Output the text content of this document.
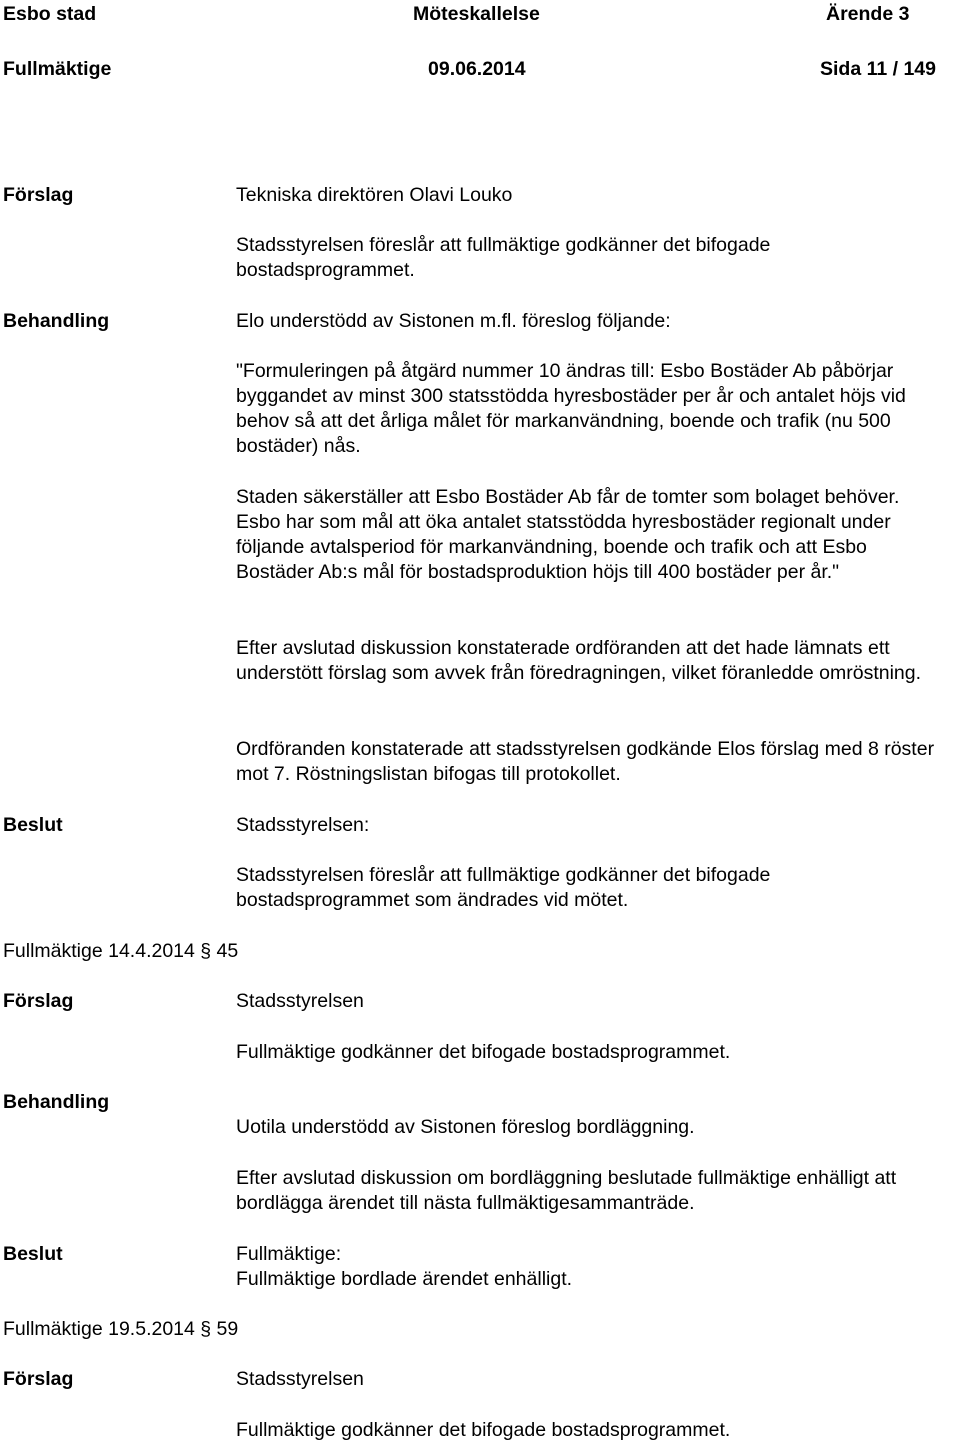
Esbo stad	Möteskallelse	Ärende 3
Fullmäktige	09.06.2014	Sida 11 / 149
Förslag	Tekniska direktören Olavi Louko
Stadsstyrelsen föreslår att fullmäktige godkänner det bifogade bostadsprogrammet.
Behandling	Elo understödd av Sistonen m.fl. föreslog följande:
"Formuleringen på åtgärd nummer 10 ändras till: Esbo Bostäder Ab påbörjar byggandet av minst 300 statsstödda hyresbostäder per år och antalet höjs vid behov så att det årliga målet för markanvändning, boende och trafik (nu 500 bostäder) nås.
Staden säkerställer att Esbo Bostäder Ab får de tomter som bolaget behöver. Esbo har som mål att öka antalet statsstödda hyresbostäder regionalt under följande avtalsperiod för markanvändning, boende och trafik och att Esbo Bostäder Ab:s mål för bostadsproduktion höjs till 400 bostäder per år."
Efter avslutad diskussion konstaterade ordföranden att det hade lämnats ett understött förslag som avvek från föredragningen, vilket föranledde omröstning.
Ordföranden konstaterade att stadsstyrelsen godkände Elos förslag med 8 röster mot 7. Röstningslistan bifogas till protokollet.
Beslut	Stadsstyrelsen:
Stadsstyrelsen föreslår att fullmäktige godkänner det bifogade bostadsprogrammet som ändrades vid mötet.
Fullmäktige 14.4.2014 § 45
Förslag	Stadsstyrelsen
Fullmäktige godkänner det bifogade bostadsprogrammet.
Behandling
Uotila understödd av Sistonen föreslog bordläggning.
Efter avslutad diskussion om bordläggning beslutade fullmäktige enhälligt att bordlägga ärendet till nästa fullmäktigesammanträde.
Beslut	Fullmäktige:
Fullmäktige bordlade ärendet enhälligt.
Fullmäktige 19.5.2014 § 59
Förslag	Stadsstyrelsen
Fullmäktige godkänner det bifogade bostadsprogrammet.
